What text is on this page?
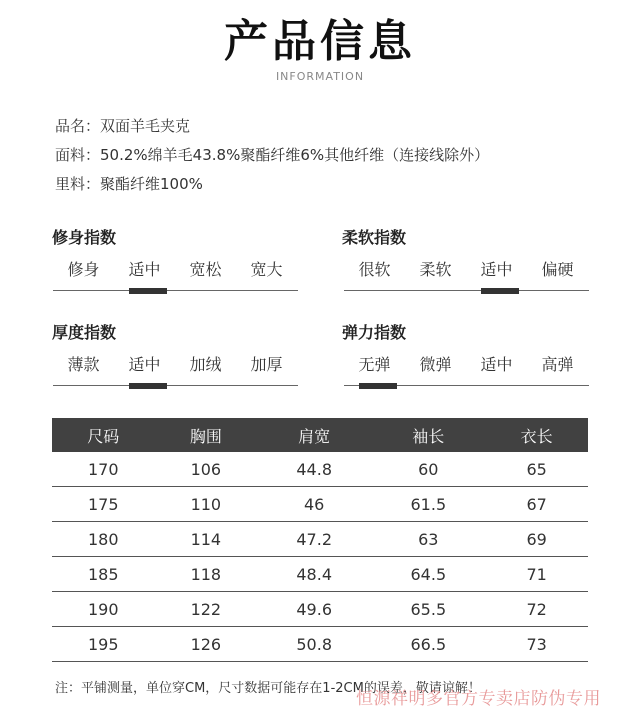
产品信息
INFORMATION
品名：双面羊毛夹克
面料：50.2%绵羊毛43.8%聚酯纤维6%其他纤维（连接线除外）
里料：聚酯纤维100%
修身指数
修身	适中	宽松	宽大
柔软指数
很软	柔软	适中	偏硬
厚度指数
薄款	适中	加绒	加厚
弹力指数
无弹	微弹	适中	高弹
尺码	胸围	肩宽	袖长	衣长
170	106	44.8	60	65
175	110	46	61.5	67
180	114	47.2	63	69
185	118	48.4	64.5	71
190	122	49.6	65.5	72
195	126	50.8	66.5	73
注：平铺测量，单位穿CM，尺寸数据可能存在1-2CM的误差，敬请谅解！
恒源祥明多官方专卖店防伪专用
